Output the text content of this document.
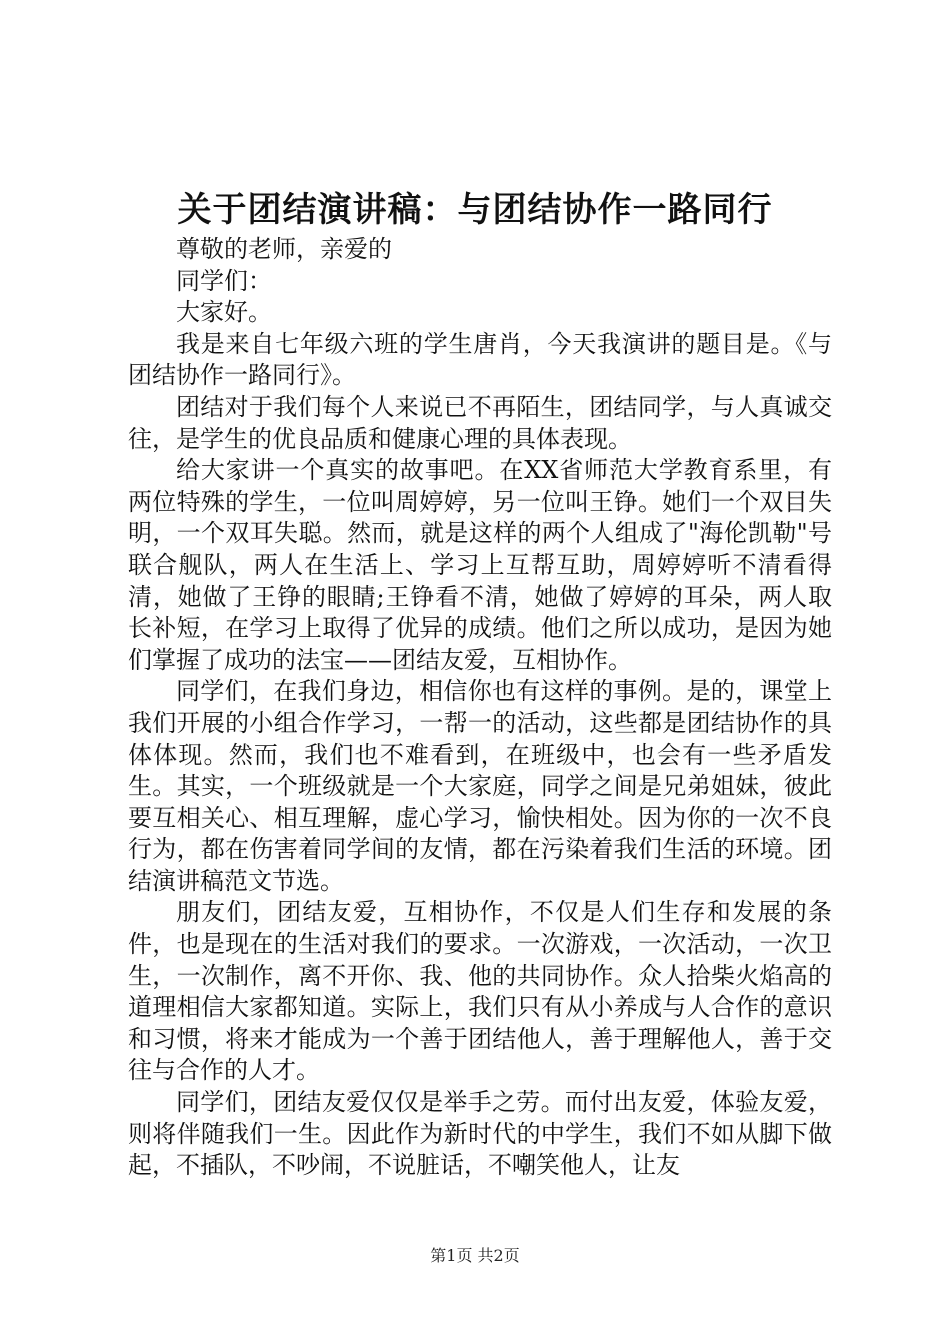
关于团结演讲稿：与团结协作一路同行

尊敬的老师，亲爱的

同学们：

大家好。

我是来自七年级六班的学生唐肖，今天我演讲的题目是。《与团结协作一路同行》。

团结对于我们每个人来说已不再陌生，团结同学，与人真诚交往，是学生的优良品质和健康心理的具体表现。

给大家讲一个真实的故事吧。在XX省师范大学教育系里，有两位特殊的学生，一位叫周婷婷，另一位叫王铮。她们一个双目失明，一个双耳失聪。然而，就是这样的两个人组成了"海伦凯勒"号联合舰队，两人在生活上、学习上互帮互助，周婷婷听不清看得清，她做了王铮的眼睛;王铮看不清，她做了婷婷的耳朵，两人取长补短，在学习上取得了优异的成绩。他们之所以成功，是因为她们掌握了成功的法宝——团结友爱，互相协作。

同学们，在我们身边，相信你也有这样的事例。是的，课堂上我们开展的小组合作学习，一帮一的活动，这些都是团结协作的具体体现。然而，我们也不难看到，在班级中，也会有一些矛盾发生。其实，一个班级就是一个大家庭，同学之间是兄弟姐妹，彼此要互相关心、相互理解，虚心学习，愉快相处。因为你的一次不良行为，都在伤害着同学间的友情，都在污染着我们生活的环境。团结演讲稿范文节选。

朋友们，团结友爱，互相协作，不仅是人们生存和发展的条件，也是现在的生活对我们的要求。一次游戏，一次活动，一次卫生，一次制作，离不开你、我、他的共同协作。众人拾柴火焰高的道理相信大家都知道。实际上，我们只有从小养成与人合作的意识和习惯，将来才能成为一个善于团结他人，善于理解他人，善于交往与合作的人才。

同学们，团结友爱仅仅是举手之劳。而付出友爱，体验友爱，则将伴随我们一生。因此作为新时代的中学生，我们不如从脚下做起，不插队，不吵闹，不说脏话，不嘲笑他人，让友

第1页 共2页
